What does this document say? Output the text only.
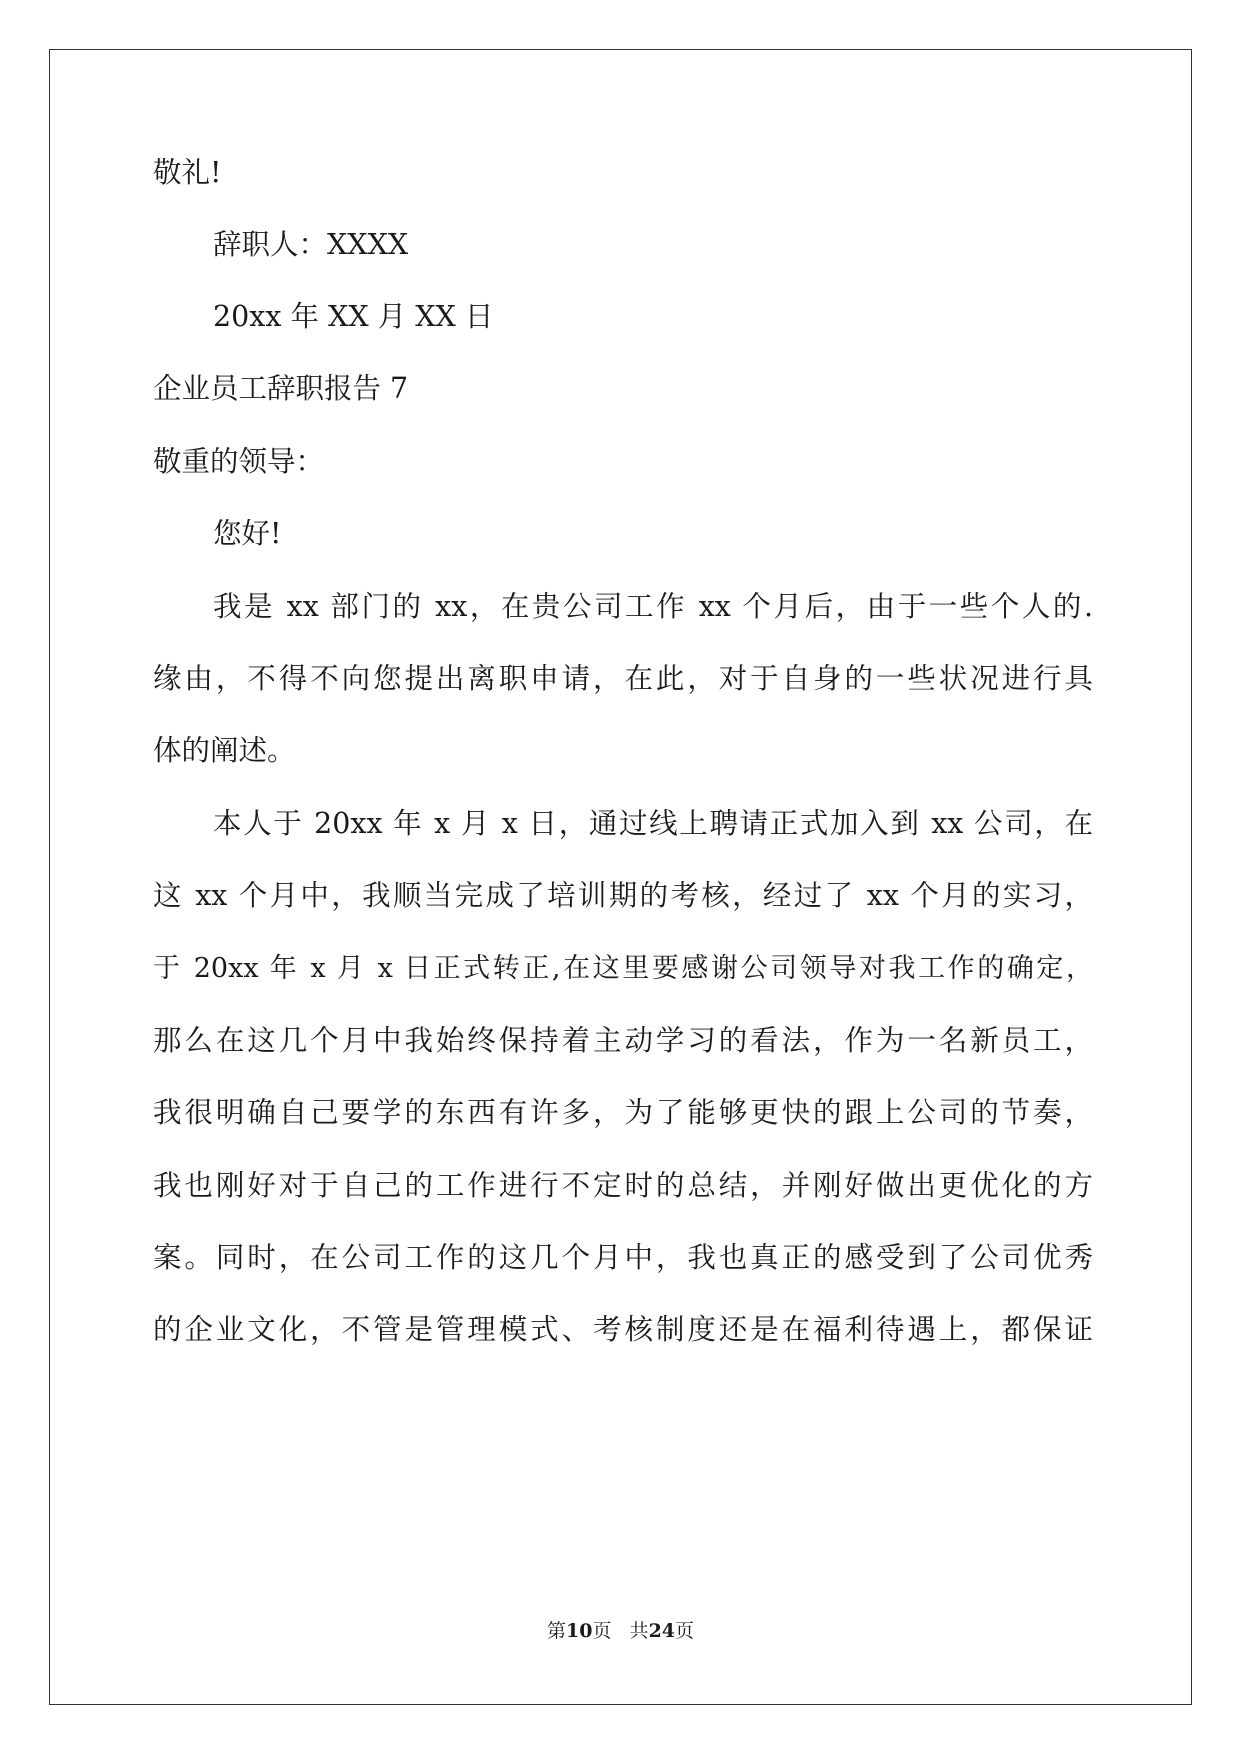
敬礼!
辞职人：XXXX
20xx 年 XX 月 XX 日
企业员工辞职报告 7
敬重的领导：
您好!
我是 xx 部门的 xx，在贵公司工作 xx 个月后，由于一些个人的.
缘由，不得不向您提出离职申请，在此，对于自身的一些状况进行具
体的阐述。
本人于 20xx 年 x 月 x 日，通过线上聘请正式加入到 xx 公司，在
这 xx 个月中，我顺当完成了培训期的考核，经过了 xx 个月的实习，
于 20xx 年 x 月 x 日正式转正,在这里要感谢公司领导对我工作的确定，
那么在这几个月中我始终保持着主动学习的看法，作为一名新员工，
我很明确自己要学的东西有许多，为了能够更快的跟上公司的节奏，
我也刚好对于自己的工作进行不定时的总结，并刚好做出更优化的方
案。同时，在公司工作的这几个月中，我也真正的感受到了公司优秀
的企业文化，不管是管理模式、考核制度还是在福利待遇上，都保证
第10页   共24页
